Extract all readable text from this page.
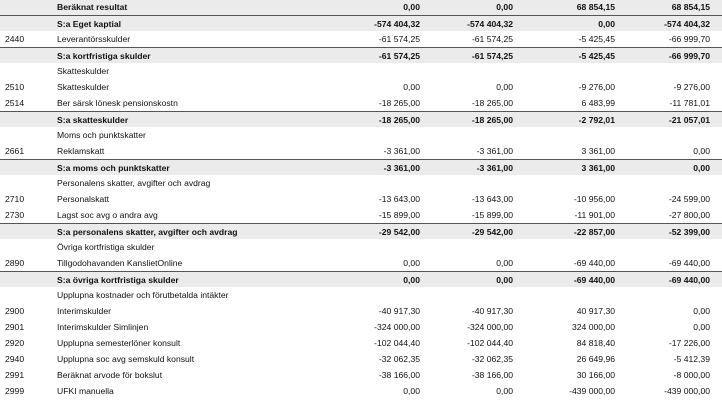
Beräknat resultat	0,00	0,00	68 854,15	68 854,15
S:a Eget kaptial	-574 404,32	-574 404,32	0,00	-574 404,32
2440	Leverantörsskulder	-61 574,25	-61 574,25	-5 425,45	-66 999,70
S:a kortfristiga skulder	-61 574,25	-61 574,25	-5 425,45	-66 999,70
Skatteskulder
2510	Skatteskulder	0,00	0,00	-9 276,00	-9 276,00
2514	Ber särsk lönesk pensionskostn	-18 265,00	-18 265,00	6 483,99	-11 781,01
S:a skatteskulder	-18 265,00	-18 265,00	-2 792,01	-21 057,01
Moms och punktskatter
2661	Reklamskatt	-3 361,00	-3 361,00	3 361,00	0,00
S:a moms och punktskatter	-3 361,00	-3 361,00	3 361,00	0,00
Personalens skatter, avgifter och avdrag
2710	Personalskatt	-13 643,00	-13 643,00	-10 956,00	-24 599,00
2730	Lagst soc avg o andra avg	-15 899,00	-15 899,00	-11 901,00	-27 800,00
S:a personalens skatter, avgifter och avdrag	-29 542,00	-29 542,00	-22 857,00	-52 399,00
Övriga kortfristiga skulder
2890	Tillgodohavanden KanslietOnline	0,00	0,00	-69 440,00	-69 440,00
S:a övriga kortfristiga skulder	0,00	0,00	-69 440,00	-69 440,00
Upplupna kostnader och förutbetalda intäkter
2900	Interimskulder	-40 917,30	-40 917,30	40 917,30	0,00
2901	Interimskulder Simlinjen	-324 000,00	-324 000,00	324 000,00	0,00
2920	Upplupna semesterlöner konsult	-102 044,40	-102 044,40	84 818,40	-17 226,00
2940	Upplupna soc avg semskuld konsult	-32 062,35	-32 062,35	26 649,96	-5 412,39
2991	Beräknat arvode för bokslut	-38 166,00	-38 166,00	30 166,00	-8 000,00
2999	UFKI manuella	0,00	0,00	-439 000,00	-439 000,00
